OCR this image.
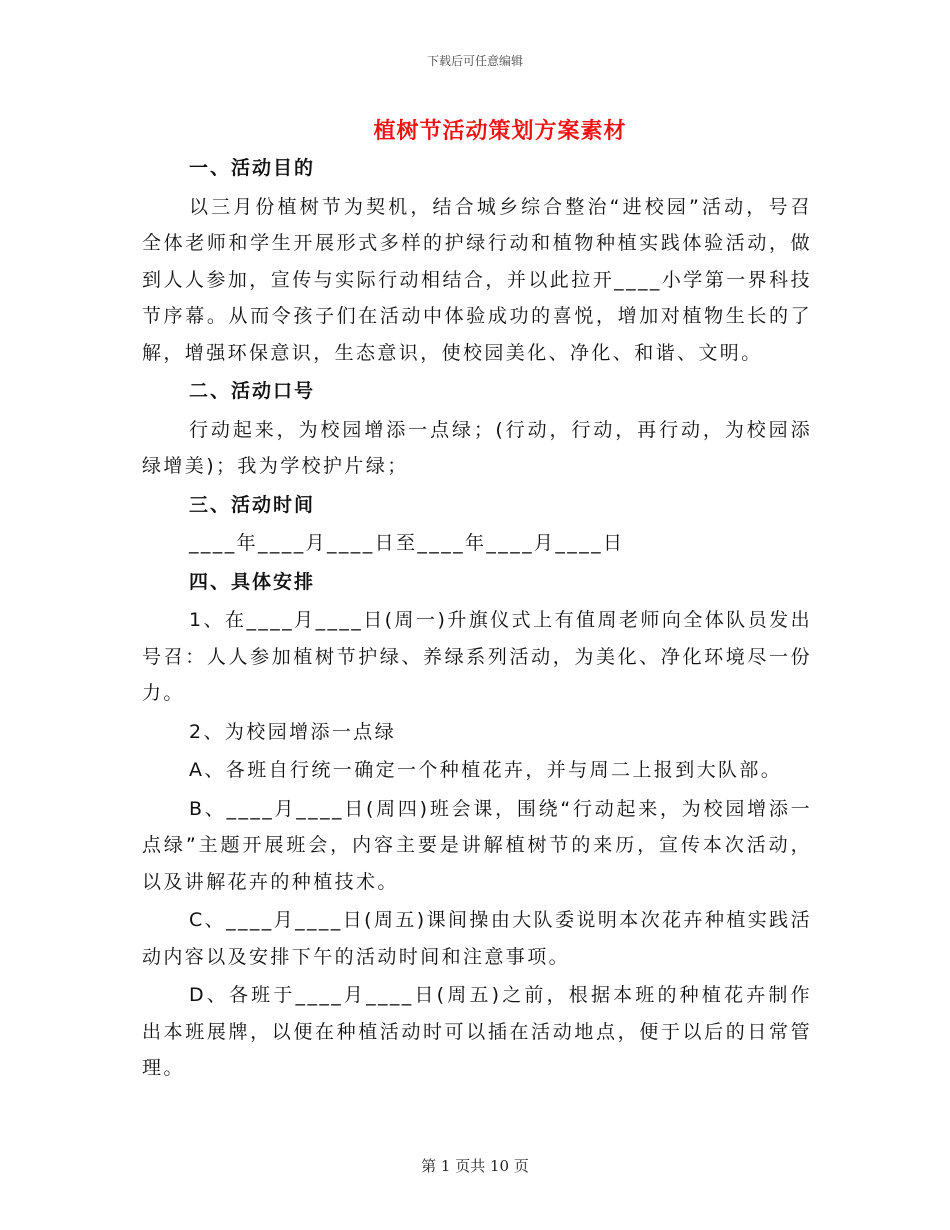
下载后可任意编辑
植树节活动策划方案素材
一、活动目的
以三月份植树节为契机，结合城乡综合整治“进校园”活动，号召全体老师和学生开展形式多样的护绿行动和植物种植实践体验活动，做到人人参加，宣传与实际行动相结合，并以此拉开____小学第一界科技节序幕。从而令孩子们在活动中体验成功的喜悦，增加对植物生长的了解，增强环保意识，生态意识，使校园美化、净化、和谐、文明。
二、活动口号
行动起来，为校园增添一点绿；(行动，行动，再行动，为校园添绿增美)；我为学校护片绿；
三、活动时间
____年____月____日至____年____月____日
四、具体安排
1、在____月____日(周一)升旗仪式上有值周老师向全体队员发出号召：人人参加植树节护绿、养绿系列活动，为美化、净化环境尽一份力。
2、为校园增添一点绿
A、各班自行统一确定一个种植花卉，并与周二上报到大队部。
B、____月____日(周四)班会课，围绕“行动起来，为校园增添一点绿”主题开展班会，内容主要是讲解植树节的来历，宣传本次活动，以及讲解花卉的种植技术。
C、____月____日(周五)课间操由大队委说明本次花卉种植实践活动内容以及安排下午的活动时间和注意事项。
D、各班于____月____日(周五)之前，根据本班的种植花卉制作出本班展牌，以便在种植活动时可以插在活动地点，便于以后的日常管理。
第 1 页共 10 页
